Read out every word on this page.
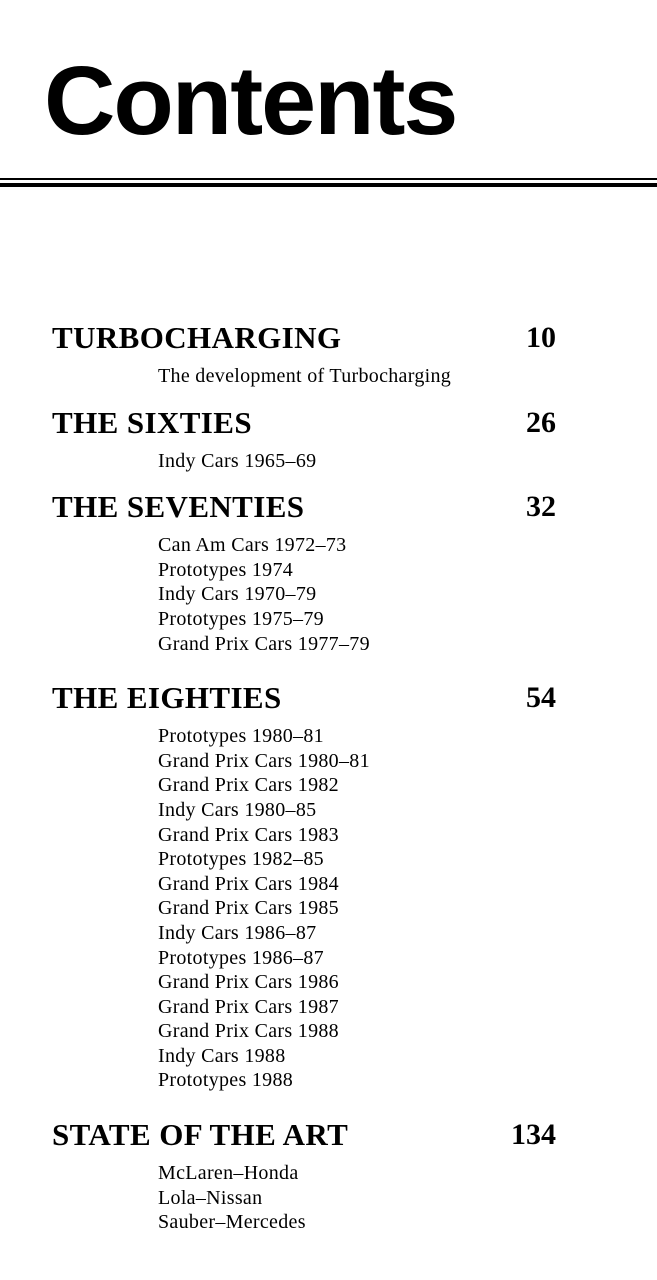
Contents
TURBOCHARGING	10
The development of Turbocharging
THE SIXTIES	26
Indy Cars 1965–69
THE SEVENTIES	32
Can Am Cars 1972–73
Prototypes 1974
Indy Cars 1970–79
Prototypes 1975–79
Grand Prix Cars 1977–79
THE EIGHTIES	54
Prototypes 1980–81
Grand Prix Cars 1980–81
Grand Prix Cars 1982
Indy Cars 1980–85
Grand Prix Cars 1983
Prototypes 1982–85
Grand Prix Cars 1984
Grand Prix Cars 1985
Indy Cars 1986–87
Prototypes 1986–87
Grand Prix Cars 1986
Grand Prix Cars 1987
Grand Prix Cars 1988
Indy Cars 1988
Prototypes 1988
STATE OF THE ART	134
McLaren–Honda
Lola–Nissan
Sauber–Mercedes
